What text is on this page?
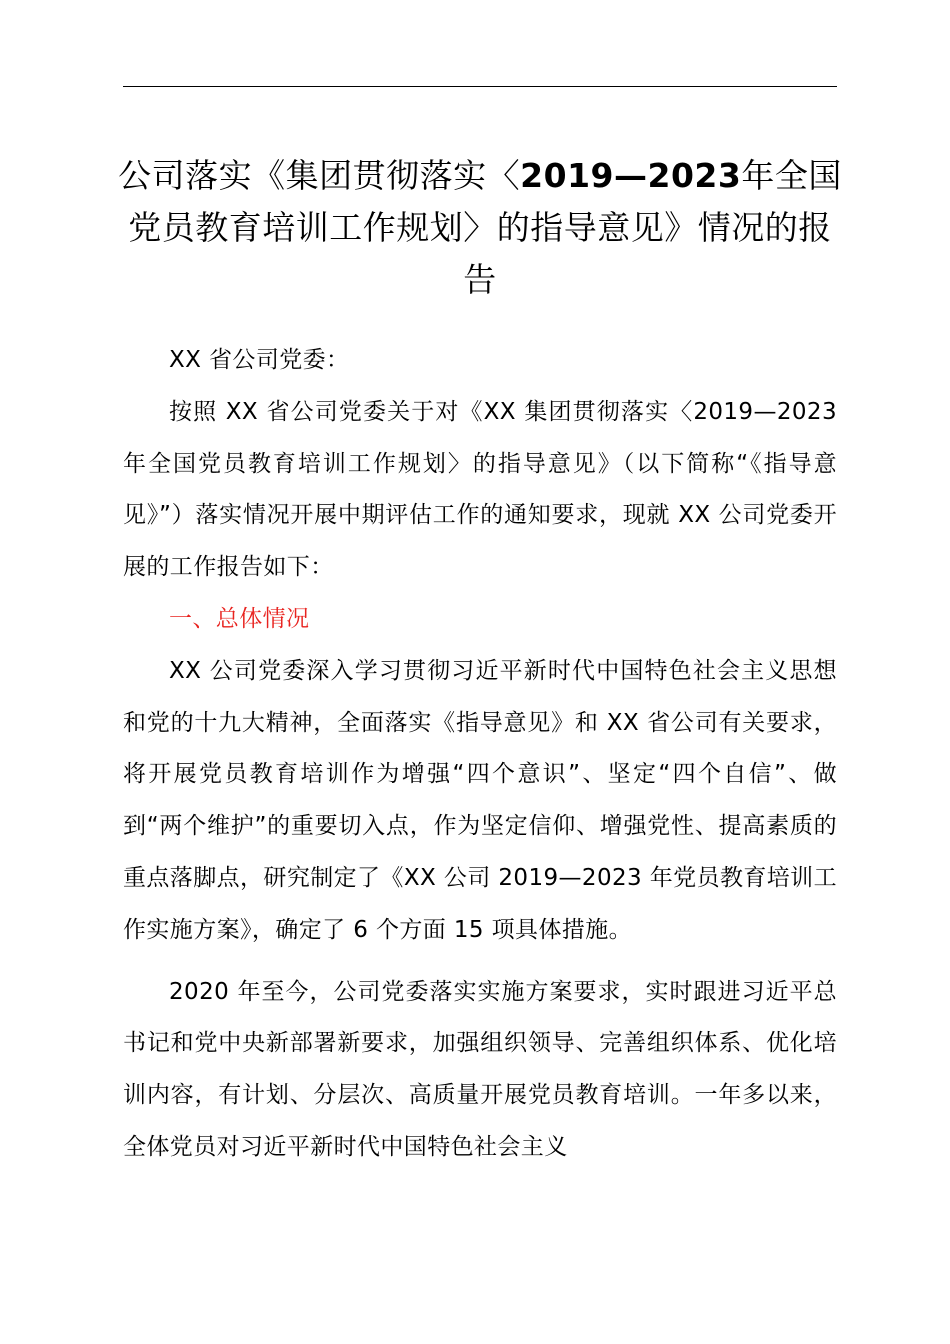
公司落实《集团贯彻落实〈2019—2023年全国党员教育培训工作规划〉的指导意见》情况的报告

XX 省公司党委：

按照 XX 省公司党委关于对《XX 集团贯彻落实〈2019—2023 年全国党员教育培训工作规划〉的指导意见》（以下简称“《指导意见》”）落实情况开展中期评估工作的通知要求，现就 XX 公司党委开展的工作报告如下：

一、总体情况

XX 公司党委深入学习贯彻习近平新时代中国特色社会主义思想和党的十九大精神，全面落实《指导意见》和 XX 省公司有关要求，将开展党员教育培训作为增强“四个意识”、坚定“四个自信”、做到“两个维护”的重要切入点，作为坚定信仰、增强党性、提高素质的重点落脚点，研究制定了《XX 公司 2019—2023 年党员教育培训工作实施方案》，确定了 6 个方面 15 项具体措施。

2020 年至今，公司党委落实实施方案要求，实时跟进习近平总书记和党中央新部署新要求，加强组织领导、完善组织体系、优化培训内容，有计划、分层次、高质量开展党员教育培训。一年多以来，全体党员对习近平新时代中国特色社会主义
